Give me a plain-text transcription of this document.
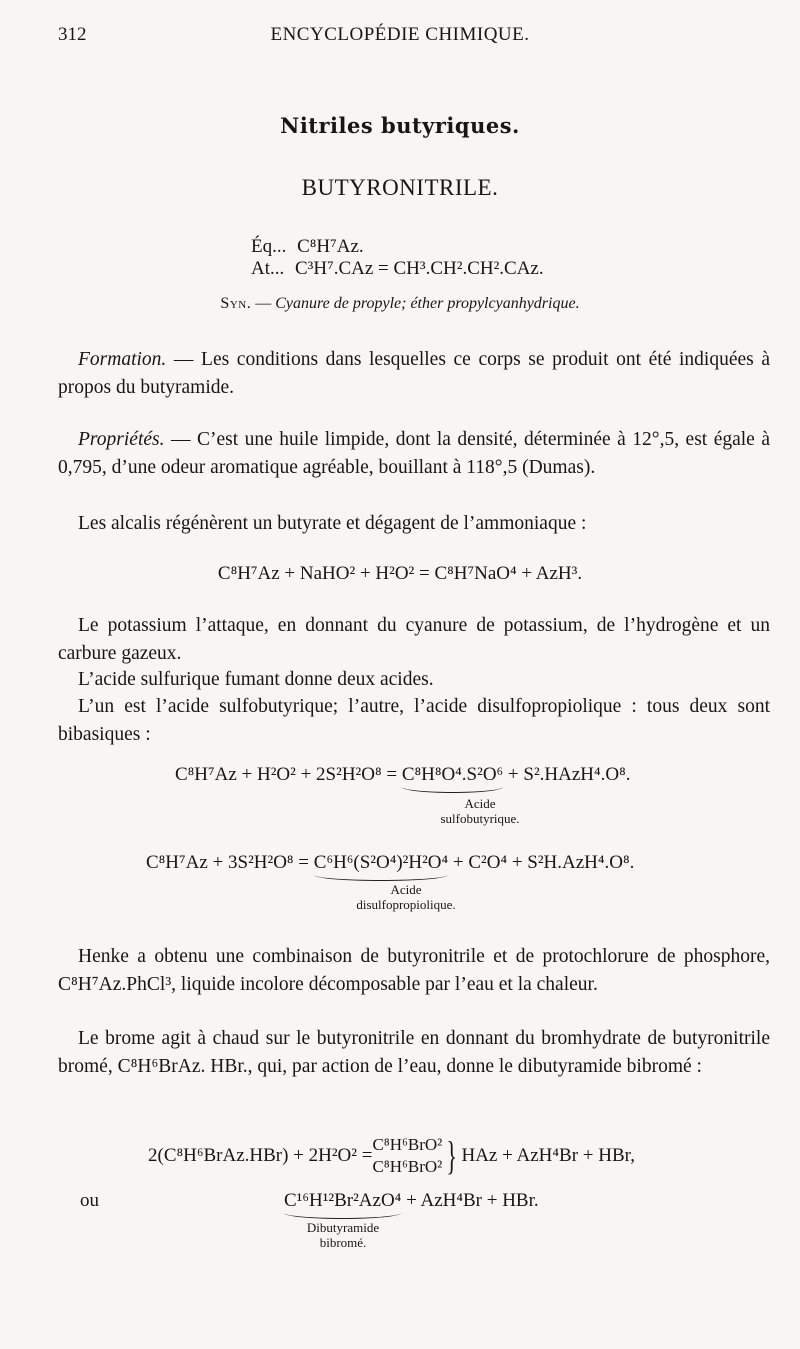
312	ENCYCLOPÉDIE CHIMIQUE.
Nitriles butyriques.
BUTYRONITRILE.
Éq... C⁸H⁷Az.
At... C³H⁷.CAz = CH³.CH².CH².CAz.
Syn. — Cyanure de propyle; éther propylcyanhydrique.
Formation. — Les conditions dans lesquelles ce corps se produit ont été indiquées à propos du butyramide.
Propriétés. — C’est une huile limpide, dont la densité, déterminée à 12°,5, est égale à 0,795, d’une odeur aromatique agréable, bouillant à 118°,5 (Dumas).
Les alcalis régénèrent un butyrate et dégagent de l’ammoniaque :
C⁸H⁷Az + NaHO² + H²O² = C⁸H⁷NaO⁴ + AzH³.
Le potassium l’attaque, en donnant du cyanure de potassium, de l’hydrogène et un carbure gazeux.
L’acide sulfurique fumant donne deux acides.
L’un est l’acide sulfobutyrique; l’autre, l’acide disulfopropiolique : tous deux sont bibasiques :
C⁸H⁷Az + H²O² + 2S²H²O⁸ = C⁸H⁸O⁴.S²O⁶
+ S².HAzH⁴.O⁸.
Acide
sulfobutyrique.
C⁸H⁷Az + 3S²H²O⁸ = C⁶H⁶(S²O⁴)²H²O⁴
+ C²O⁴ + S²H.AzH⁴.O⁸.
Acide
disulfopropiolique.
Henke a obtenu une combinaison de butyronitrile et de protochlorure de phosphore, C⁸H⁷Az.PhCl³, liquide incolore décomposable par l’eau et la chaleur.
Le brome agit à chaud sur le butyronitrile en donnant du bromhydrate de butyronitrile bromé, C⁸H⁶BrAz. HBr., qui, par action de l’eau, donne le dibutyramide bibromé :
2(C⁸H⁶BrAz.HBr) + 2H²O² =
C⁸H⁶BrO²
C⁸H⁶BrO² } HAz + AzH⁴Br + HBr,
ou	C¹⁶H¹²Br²AzO⁴
+ AzH⁴Br + HBr.
Dibutyramide
bibromé.
